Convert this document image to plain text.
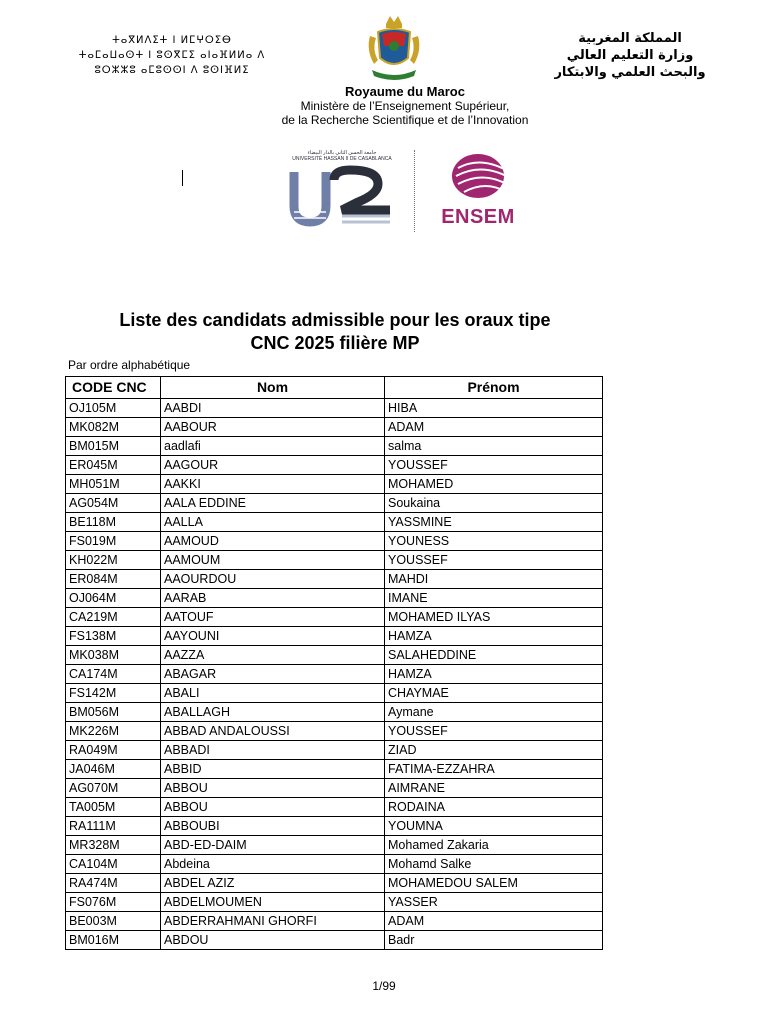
ⵜⴰⴳⵍⴷⵉⵜ ⵏ ⵍⵎⵖⵔⵉⴱ
ⵜⴰⵎⴰⵡⴰⵙⵜ ⵏ ⵓⵙⴳⵎⵉ ⴰⵏⴰⴼⵍⵍⴰ ⴷ
ⵓⵔⵣⵣⵓ ⴰⵎⵓⵙⵙⵏ ⴷ ⵓⵙⵏⴼⵍⵉ
المملكة المغربية
وزارة التعليم العالي
والبحث العلمي والابتكار
Royaume du Maroc
Ministère de l’Enseignement Supérieur,
de la Recherche Scientifique et de l’Innovation
جامعة الحسن الثاني بالدار البيضاء
UNIVERSITÉ HASSAN II DE CASABLANCA
ENSEM
Liste des candidats admissible pour les oraux tipe
CNC 2025 filière MP
Par ordre alphabétique
CODE CNC	Nom	Prénom
OJ105M	AABDI	HIBA
MK082M	AABOUR	ADAM
BM015M	aadlafi	salma
ER045M	AAGOUR	YOUSSEF
MH051M	AAKKI	MOHAMED
AG054M	AALA EDDINE	Soukaina
BE118M	AALLA	YASSMINE
FS019M	AAMOUD	YOUNESS
KH022M	AAMOUM	YOUSSEF
ER084M	AAOURDOU	MAHDI
OJ064M	AARAB	IMANE
CA219M	AATOUF	MOHAMED ILYAS
FS138M	AAYOUNI	HAMZA
MK038M	AAZZA	SALAHEDDINE
CA174M	ABAGAR	HAMZA
FS142M	ABALI	CHAYMAE
BM056M	ABALLAGH	Aymane
MK226M	ABBAD ANDALOUSSI	YOUSSEF
RA049M	ABBADI	ZIAD
JA046M	ABBID	FATIMA-EZZAHRA
AG070M	ABBOU	AIMRANE
TA005M	ABBOU	RODAINA
RA111M	ABBOUBI	YOUMNA
MR328M	ABD-ED-DAIM	Mohamed Zakaria
CA104M	Abdeina	Mohamd Salke
RA474M	ABDEL AZIZ	MOHAMEDOU SALEM
FS076M	ABDELMOUMEN	YASSER
BE003M	ABDERRAHMANI GHORFI	ADAM
BM016M	ABDOU	Badr
1/99
